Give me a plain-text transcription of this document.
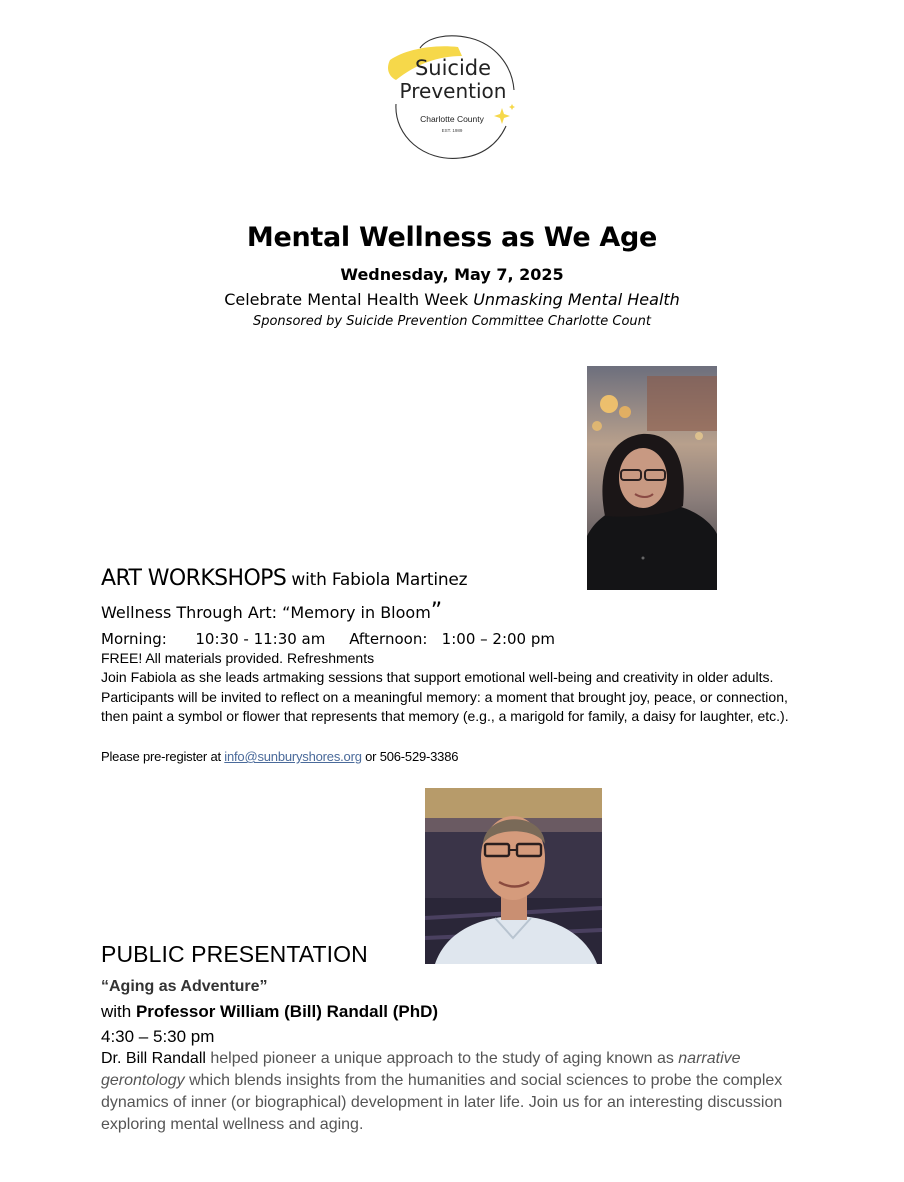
Suicide
Prevention
Charlotte County
EST. 1989
Mental Wellness as We Age
Wednesday, May 7, 2025
Celebrate Mental Health Week Unmasking Mental Health
Sponsored by Suicide Prevention Committee Charlotte Count
ART WORKSHOPS with Fabiola Martinez
Wellness Through Art: “Memory in Bloom”
Morning:      10:30 - 11:30 am     Afternoon:   1:00 – 2:00 pm
FREE! All materials provided. Refreshments
Join Fabiola as she leads artmaking sessions that support emotional well-being and creativity in older adults. Participants will be invited to reflect on a meaningful memory: a moment that brought joy, peace, or connection, then paint a symbol or flower that represents that memory (e.g., a marigold for family, a daisy for laughter, etc.).
Please pre-register at info@sunburyshores.org or 506-529-3386
PUBLIC PRESENTATION
“Aging as Adventure”
with Professor William (Bill) Randall (PhD)
4:30 – 5:30 pm
Dr. Bill Randall helped pioneer a unique approach to the study of aging known as narrative gerontology which blends insights from the humanities and social sciences to probe the complex dynamics of inner (or biographical) development in later life. Join us for an interesting discussion exploring mental wellness and aging.
